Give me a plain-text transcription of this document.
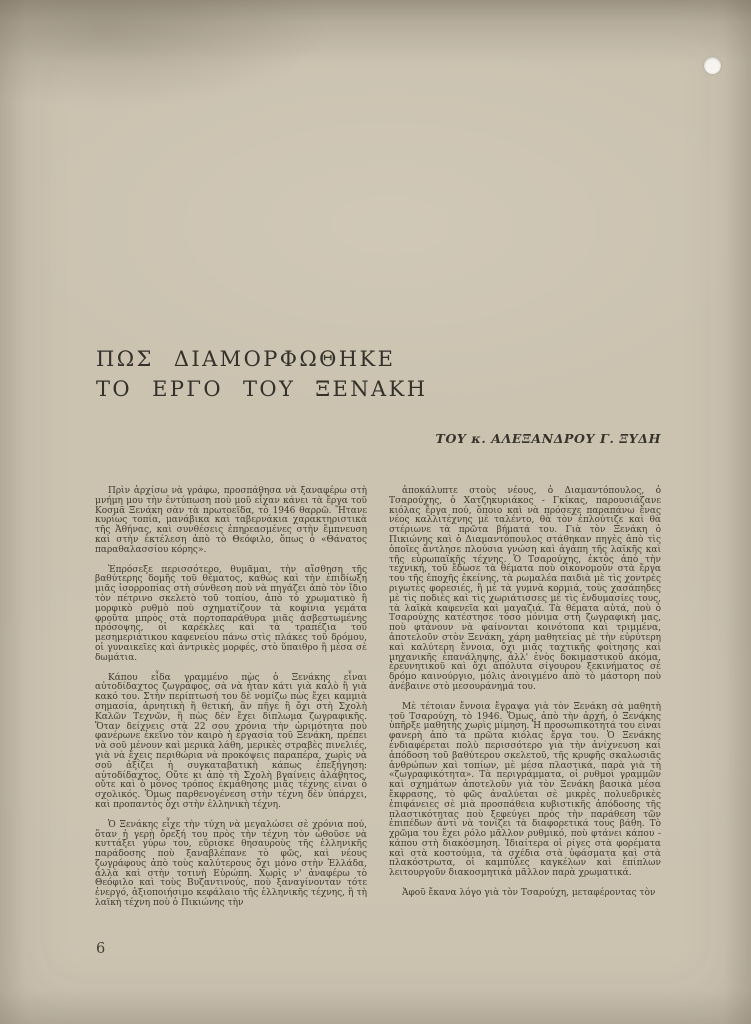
ΠΩΣ ΔΙΑΜΟΡΦΩΘΗΚΕ
ΤΟ ΕΡΓΟ ΤΟΥ ΞΕΝΑΚΗ
ΤΟΥ κ. ΑΛΕΞΑΝΔΡΟΥ Γ. ΞΥΔΗ

Πρὶν ἀρχίσω νὰ γράφω, προσπάθησα νὰ ξαναφέρω στὴ μνήμη μου τὴν ἐντύπωση ποὺ μοῦ εἶχαν κάνει τὰ ἔργα τοῦ Κοσμᾶ Ξενάκη σὰν τὰ πρωτοεῖδα, τὸ 1946 θαρρῶ. Ἤτανε κυρίως τοπία, μανάβικα καὶ ταβερνάκια χαρακτηριστικὰ τῆς Ἀθήνας, καὶ συνθέσεις ἐπηρεασμένες στὴν ἔμπνευση καὶ στὴν ἐκτέλεση ἀπὸ τὸ Θεόφιλο, ὅπως ὁ «Θάνατος παραθαλασσίου κόρης».

Ἐπρόσεξε περισσότερο, θυμᾶμαι, τὴν αἴσθηση τῆς βαθύτερης δομῆς τοῦ θέματος, καθὼς καὶ τὴν ἐπιδίωξη μιᾶς ἰσορροπίας στὴ σύνθεση ποὺ νὰ πηγάζει ἀπὸ τὸν ἴδιο τὸν πέτρινο σκελετὸ τοῦ τοπίου, ἀπὸ τὸ χρωματικὸ ἢ μορφικὸ ρυθμὸ ποὺ σχηματίζουν τὰ κοφίνια γεμάτα φροῦτα μπρὸς στὰ πορτοπαράθυρα μιᾶς ἀσβεστωμένης πρόσοψης, οἱ καρέκλες καὶ τὰ τραπέζια τοῦ μεσημεριάτικου καφενείου πάνω στὶς πλάκες τοῦ δρόμου, οἱ γυναικεῖες καὶ ἀντρικὲς μορφές, στὸ ὕπαιθρο ἢ μέσα σὲ δωμάτια.

Κάπου εἶδα γραμμένο πὼς ὁ Ξενάκης εἶναι αὐτοδίδαχτος ζωγράφος, σὰ νὰ ἦταν κάτι γιὰ καλὸ ἢ γιὰ κακό του. Στὴν περίπτωσή του δὲ νομίζω πὼς ἔχει καμμιὰ σημασία, ἀρνητικὴ ἢ θετική, ἂν πῆγε ἢ ὄχι στὴ Σχολὴ Καλῶν Τεχνῶν, ἢ πὼς δὲν ἔχει δίπλωμα ζωγραφικῆς. Ὅταν δείχνεις στὰ 22 σου χρόνια τὴν ὡριμότητα ποὺ φανέρωνε ἐκεῖνο τὸν καιρὸ ἡ ἐργασία τοῦ Ξενάκη, πρέπει νὰ σοῦ μένουν καὶ μερικὰ λάθη, μερικὲς στραβὲς πινελιές, γιὰ νὰ ἔχεις περιθώρια νὰ προκόψεις παραπέρα, χωρὶς νὰ σοῦ ἀξίζει ἡ συγκαταβατικὴ κάπως ἐπεξήγηση: αὐτοδίδαχτος. Οὔτε κι ἀπὸ τὴ Σχολὴ βγαίνεις ἀλάθητος, οὔτε καὶ ὁ μόνος τρόπος ἐκμάθησης μιᾶς τέχνης εἶναι ὁ σχολικός. Ὅμως παρθενογένεση στὴν τέχνη δὲν ὑπάρχει, καὶ προπαντὸς ὄχι στὴν ἑλληνικὴ τέχνη.

Ὁ Ξενάκης εἶχε τὴν τύχη νὰ μεγαλώσει σὲ χρόνια πού, ὅταν ἡ γερὴ ὄρεξή του πρὸς τὴν τέχνη τὸν ὠθοῦσε νὰ κυττάξει γύρω του, εὕρισκε θησαυροὺς τῆς ἑλληνικῆς παράδοσης ποὺ ξαναβλέπανε τὸ φῶς, καὶ νέους ζωγράφους ἀπὸ τοὺς καλύτερους ὄχι μόνο στὴν Ἑλλάδα, ἀλλὰ καὶ στὴν τοτινὴ Εὐρώπη. Χωρὶς ν' ἀναφέρω τὸ Θεόφιλο καὶ τοὺς Βυζαντινούς, ποὺ ξαναγίνονταν τότε ἐνεργό, ἀξιοποιήσιμο κεφάλαιο τῆς ἑλληνικῆς τέχνης, ἢ τὴ λαϊκὴ τέχνη ποὺ ὁ Πικιώνης τὴν

ἀποκάλυπτε στοὺς νέους, ὁ Διαμαντόπουλος, ὁ Τσαρούχης, ὁ Χατζηκυριάκος - Γκίκας, παρουσιάζανε κιόλας ἔργα πού, ὅποιο καὶ νὰ πρόσεχε παραπάνω ἕνας νέος καλλιτέχνης μὲ ταλέντο, θὰ τὸν ἐπλούτιζε καὶ θὰ στέριωνε τὰ πρῶτα βήματά του. Γιὰ τὸν Ξενάκη ὁ Πικιώνης καὶ ὁ Διαμαντόπουλος στάθηκαν πηγὲς ἀπὸ τὶς ὁποῖες ἄντλησε πλούσια γνώση καὶ ἀγάπη τῆς λαϊκῆς καὶ τῆς εὐρωπαϊκῆς τέχνης. Ὁ Τσαρούχης, ἐκτὸς ἀπὸ τὴν τεχνική, τοῦ ἔδωσε τὰ θέματα ποὺ οἰκονομοῦν στὰ ἔργα του τῆς ἐποχῆς ἐκείνης, τὰ ρωμαλέα παιδιὰ μὲ τὶς χοντρὲς ριγωτὲς φορεσιές, ἢ μὲ τὰ γυμνὰ κορμιά, τοὺς χασάπηδες μὲ τὶς ποδιὲς καὶ τὶς χωριάτισσες μὲ τὶς ἐνδυμασίες τους, τὰ λαϊκὰ καφενεῖα καὶ μαγαζιά. Τὰ θέματα αὐτά, ποὺ ὁ Τσαρούχης κατέστησε τόσο μόνιμα στὴ ζωγραφική μας, ποὺ φτάνουν νὰ φαίνονται κοινότοπα καὶ τριμμένα, ἀποτελοῦν στὸν Ξενάκη, χάρη μαθητείας μὲ τὴν εὐρύτερη καὶ καλύτερη ἔννοια, ὄχι μιᾶς ταχτικῆς φοίτησης καὶ μηχανικῆς ἐπανάληψης, ἀλλ' ἑνὸς δοκιμαστικοῦ ἀκόμα, ἐρευνητικοῦ καὶ ὄχι ἀπόλυτα σίγουρου ξεκινήματος σὲ δρόμο καινούργιο, μόλις ἀνοιγμένο ἀπὸ τὸ μάστορη ποὺ ἀνέβαινε στὸ μεσουράνημά του.

Μὲ τέτοιαν ἔννοια ἔγραψα γιὰ τὸν Ξενάκη σὰ μαθητὴ τοῦ Τσαρούχη, τὸ 1946. Ὅμως, ἀπὸ τὴν ἀρχή, ὁ Ξενάκης ὑπῆρξε μαθητὴς χωρὶς μίμηση. Ἡ προσωπικότητά του εἶναι φανερὴ ἀπὸ τὰ πρῶτα κιόλας ἔργα του. Ὁ Ξενάκης ἐνδιαφέρεται πολὺ περισσότερο γιὰ τὴν ἀνίχνευση καὶ ἀπόδοση τοῦ βαθύτερου σκελετοῦ, τῆς κρυφῆς σκαλωσιᾶς ἀνθρώπων καὶ τοπίων, μὲ μέσα πλαστικά, παρὰ γιὰ τὴ «ζωγραφικότητα». Τὰ περιγράμματα, οἱ ρυθμοὶ γραμμῶν καὶ σχημάτων ἀποτελοῦν γιὰ τὸν Ξενάκη βασικὰ μέσα ἔκφρασης, τὸ φῶς ἀναλύεται σὲ μικρὲς πολυεδρικὲς ἐπιφάνειες σὲ μιὰ προσπάθεια κυβιστικῆς ἀπόδοσης τῆς πλαστικότητας ποὺ ξεφεύγει πρὸς τὴν παράθεση τῶν ἐπιπέδων ἀντὶ νὰ τονίζει τὰ διαφορετικά τους βάθη. Τὸ χρῶμα του ἔχει ρόλο μᾶλλον ρυθμικό, ποὺ φτάνει κάπου - κάπου στὴ διακόσμηση. Ἰδιαίτερα οἱ ρίγες στὰ φορέματα καὶ στὰ κοστούμια, τὰ σχέδια στὰ ὑφάσματα καὶ στὰ πλακόστρωτα, οἱ καμπύλες καγκέλων καὶ ἐπίπλων λειτουργοῦν διακοσμητικὰ μᾶλλον παρὰ χρωματικά.

Ἀφοῦ ἔκανα λόγο γιὰ τὸν Τσαρούχη, μεταφέροντας τὸν

6
